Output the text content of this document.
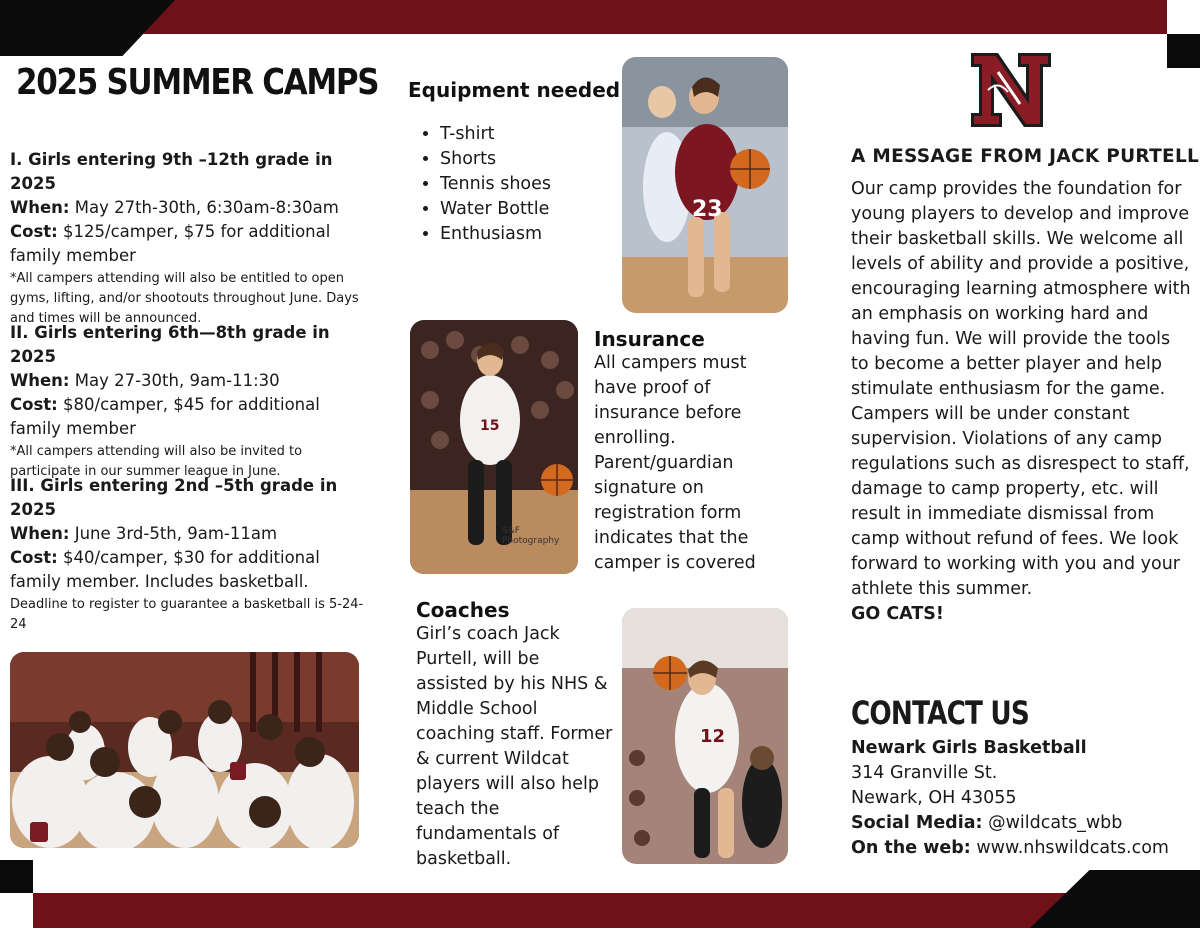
2025 SUMMER CAMPS
I. Girls entering 9th –12th grade in 2025
When: May 27th-30th, 6:30am-8:30am
Cost: $125/camper, $75 for additional family member
*All campers attending will also be entitled to open gyms, lifting, and/or shootouts throughout June. Days and times will be announced.
II. Girls entering 6th—8th grade in 2025
When: May 27-30th, 9am-11:30
Cost: $80/camper, $45 for additional family member
*All campers attending will also be invited to participate in our summer league in June.
III. Girls entering 2nd –5th grade in 2025
When: June 3rd-5th, 9am-11am
Cost: $40/camper, $30 for additional family member. Includes basketball.
Deadline to register to guarantee a basketball is 5-24-24
Equipment needed
• T-shirt
• Shorts
• Tennis shoes
• Water Bottle
• Enthusiasm
23
15
S&F Photography
Insurance
All campers must have proof of insurance before enrolling. Parent/guardian signature on registration form indicates that the camper is covered
Coaches
Girl’s coach Jack Purtell, will be assisted by his NHS & Middle School coaching staff. Former & current Wildcat players will also help teach the fundamentals of basketball.
12
A MESSAGE FROM JACK PURTELL
Our camp provides the foundation for young players to develop and improve their basketball skills. We welcome all levels of ability and provide a positive, encouraging learning atmosphere with an emphasis on working hard and having fun. We will provide the tools to become a better player and help stimulate enthusiasm for the game. Campers will be under constant supervision. Violations of any camp regulations such as disrespect to staff, damage to camp property, etc. will result in immediate dismissal from camp without refund of fees. We look forward to working with you and your athlete this summer.
GO CATS!
CONTACT US
Newark Girls Basketball
314 Granville St.
Newark, OH 43055
Social Media: @wildcats_wbb
On the web: www.nhswildcats.com
